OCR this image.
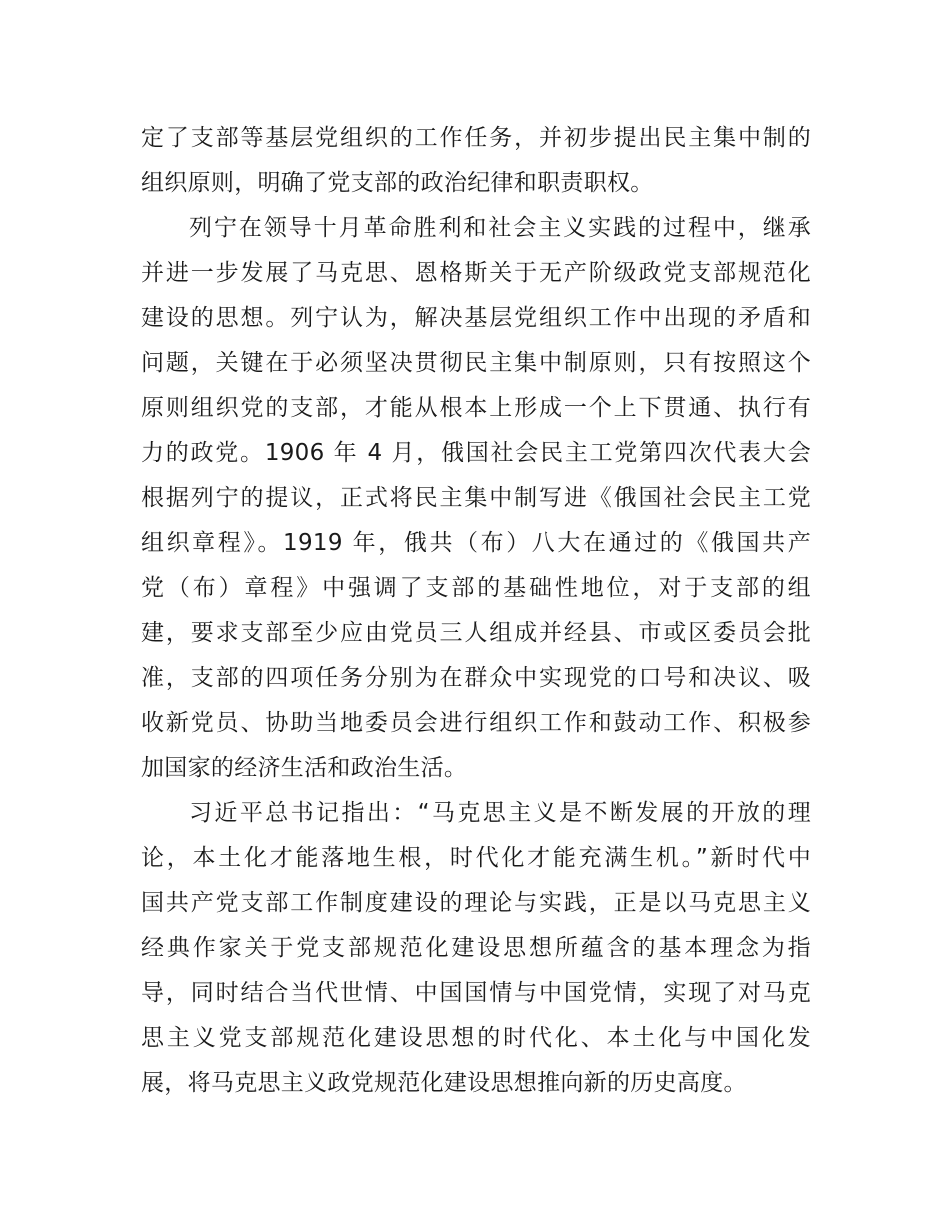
定了支部等基层党组织的工作任务，并初步提出民主集中制的
组织原则，明确了党支部的政治纪律和职责职权。
列宁在领导十月革命胜利和社会主义实践的过程中，继承
并进一步发展了马克思、恩格斯关于无产阶级政党支部规范化
建设的思想。列宁认为，解决基层党组织工作中出现的矛盾和
问题，关键在于必须坚决贯彻民主集中制原则，只有按照这个
原则组织党的支部，才能从根本上形成一个上下贯通、执行有
力的政党。1906 年 4 月，俄国社会民主工党第四次代表大会
根据列宁的提议，正式将民主集中制写进《俄国社会民主工党
组织章程》。1919 年，俄共（布）八大在通过的《俄国共产
党（布）章程》中强调了支部的基础性地位，对于支部的组
建，要求支部至少应由党员三人组成并经县、市或区委员会批
准，支部的四项任务分别为在群众中实现党的口号和决议、吸
收新党员、协助当地委员会进行组织工作和鼓动工作、积极参
加国家的经济生活和政治生活。
习近平总书记指出：“马克思主义是不断发展的开放的理
论，本土化才能落地生根，时代化才能充满生机。”新时代中
国共产党支部工作制度建设的理论与实践，正是以马克思主义
经典作家关于党支部规范化建设思想所蕴含的基本理念为指
导，同时结合当代世情、中国国情与中国党情，实现了对马克
思主义党支部规范化建设思想的时代化、本土化与中国化发
展，将马克思主义政党规范化建设思想推向新的历史高度。
